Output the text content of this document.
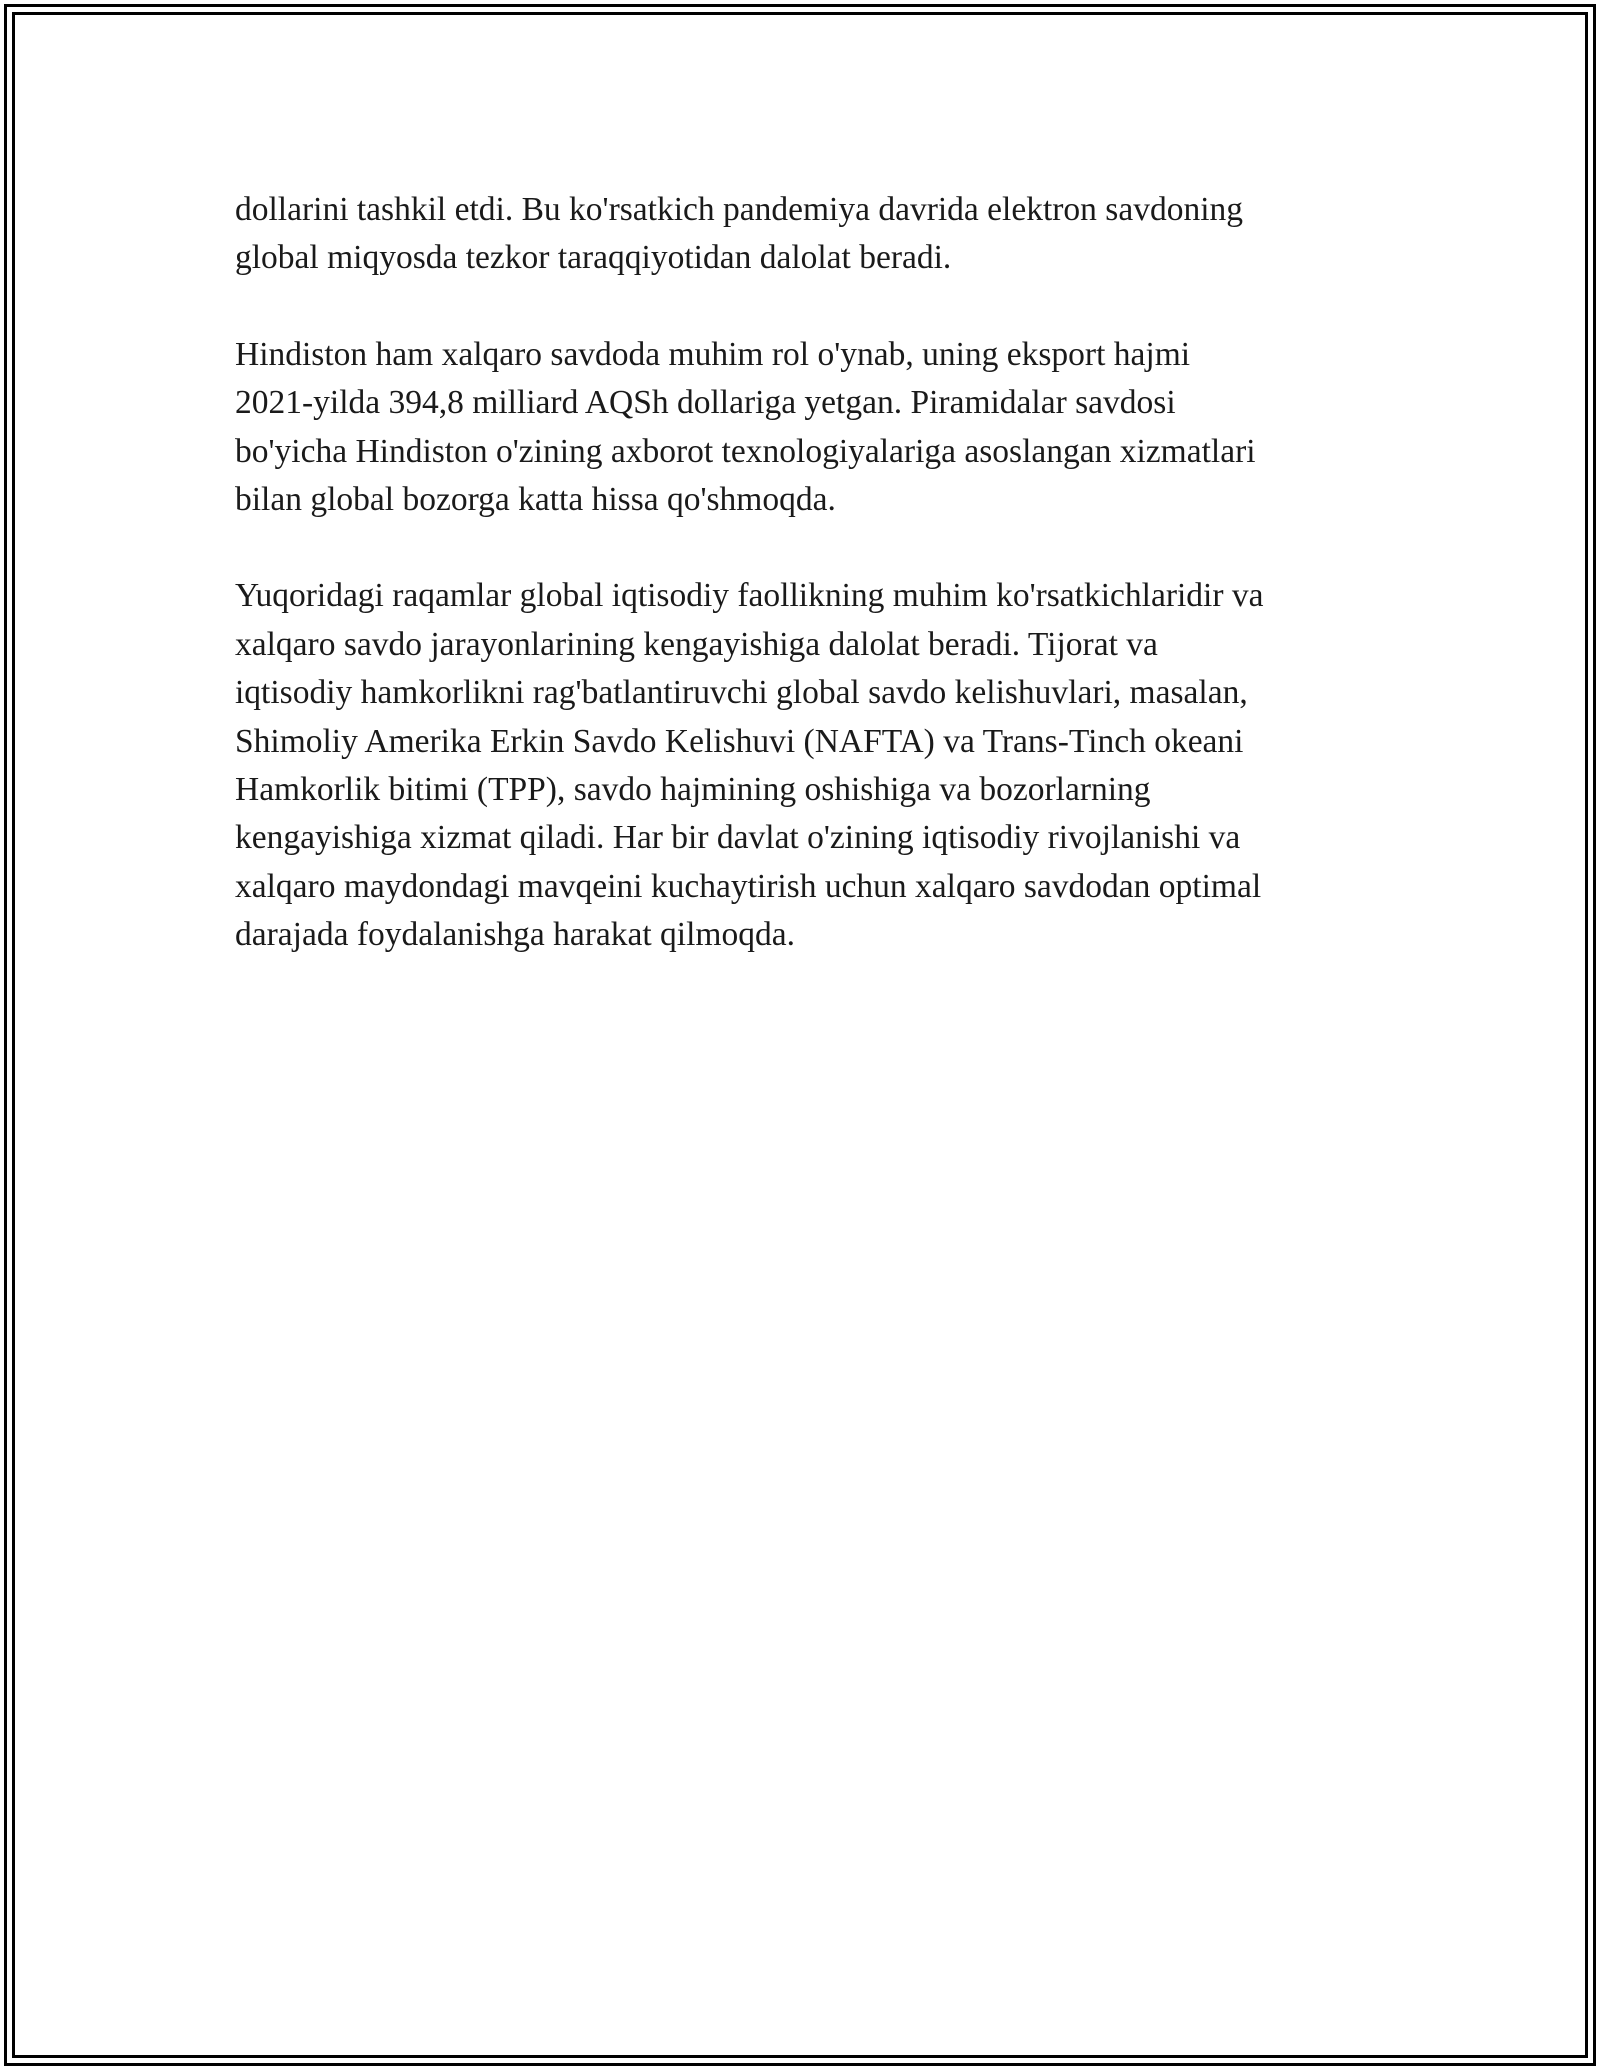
dollarini tashkil etdi. Bu ko'rsatkich pandemiya davrida elektron savdoning
global miqyosda tezkor taraqqiyotidan dalolat beradi.

Hindiston ham xalqaro savdoda muhim rol o'ynab, uning eksport hajmi
2021-yilda 394,8 milliard AQSh dollariga yetgan. Piramidalar savdosi
bo'yicha Hindiston o'zining axborot texnologiyalariga asoslangan xizmatlari
bilan global bozorga katta hissa qo'shmoqda.

Yuqoridagi raqamlar global iqtisodiy faollikning muhim ko'rsatkichlaridir va
xalqaro savdo jarayonlarining kengayishiga dalolat beradi. Tijorat va
iqtisodiy hamkorlikni rag'batlantiruvchi global savdo kelishuvlari, masalan,
Shimoliy Amerika Erkin Savdo Kelishuvi (NAFTA) va Trans-Tinch okeani
Hamkorlik bitimi (TPP), savdo hajmining oshishiga va bozorlarning
kengayishiga xizmat qiladi. Har bir davlat o'zining iqtisodiy rivojlanishi va
xalqaro maydondagi mavqeini kuchaytirish uchun xalqaro savdodan optimal
darajada foydalanishga harakat qilmoqda.
